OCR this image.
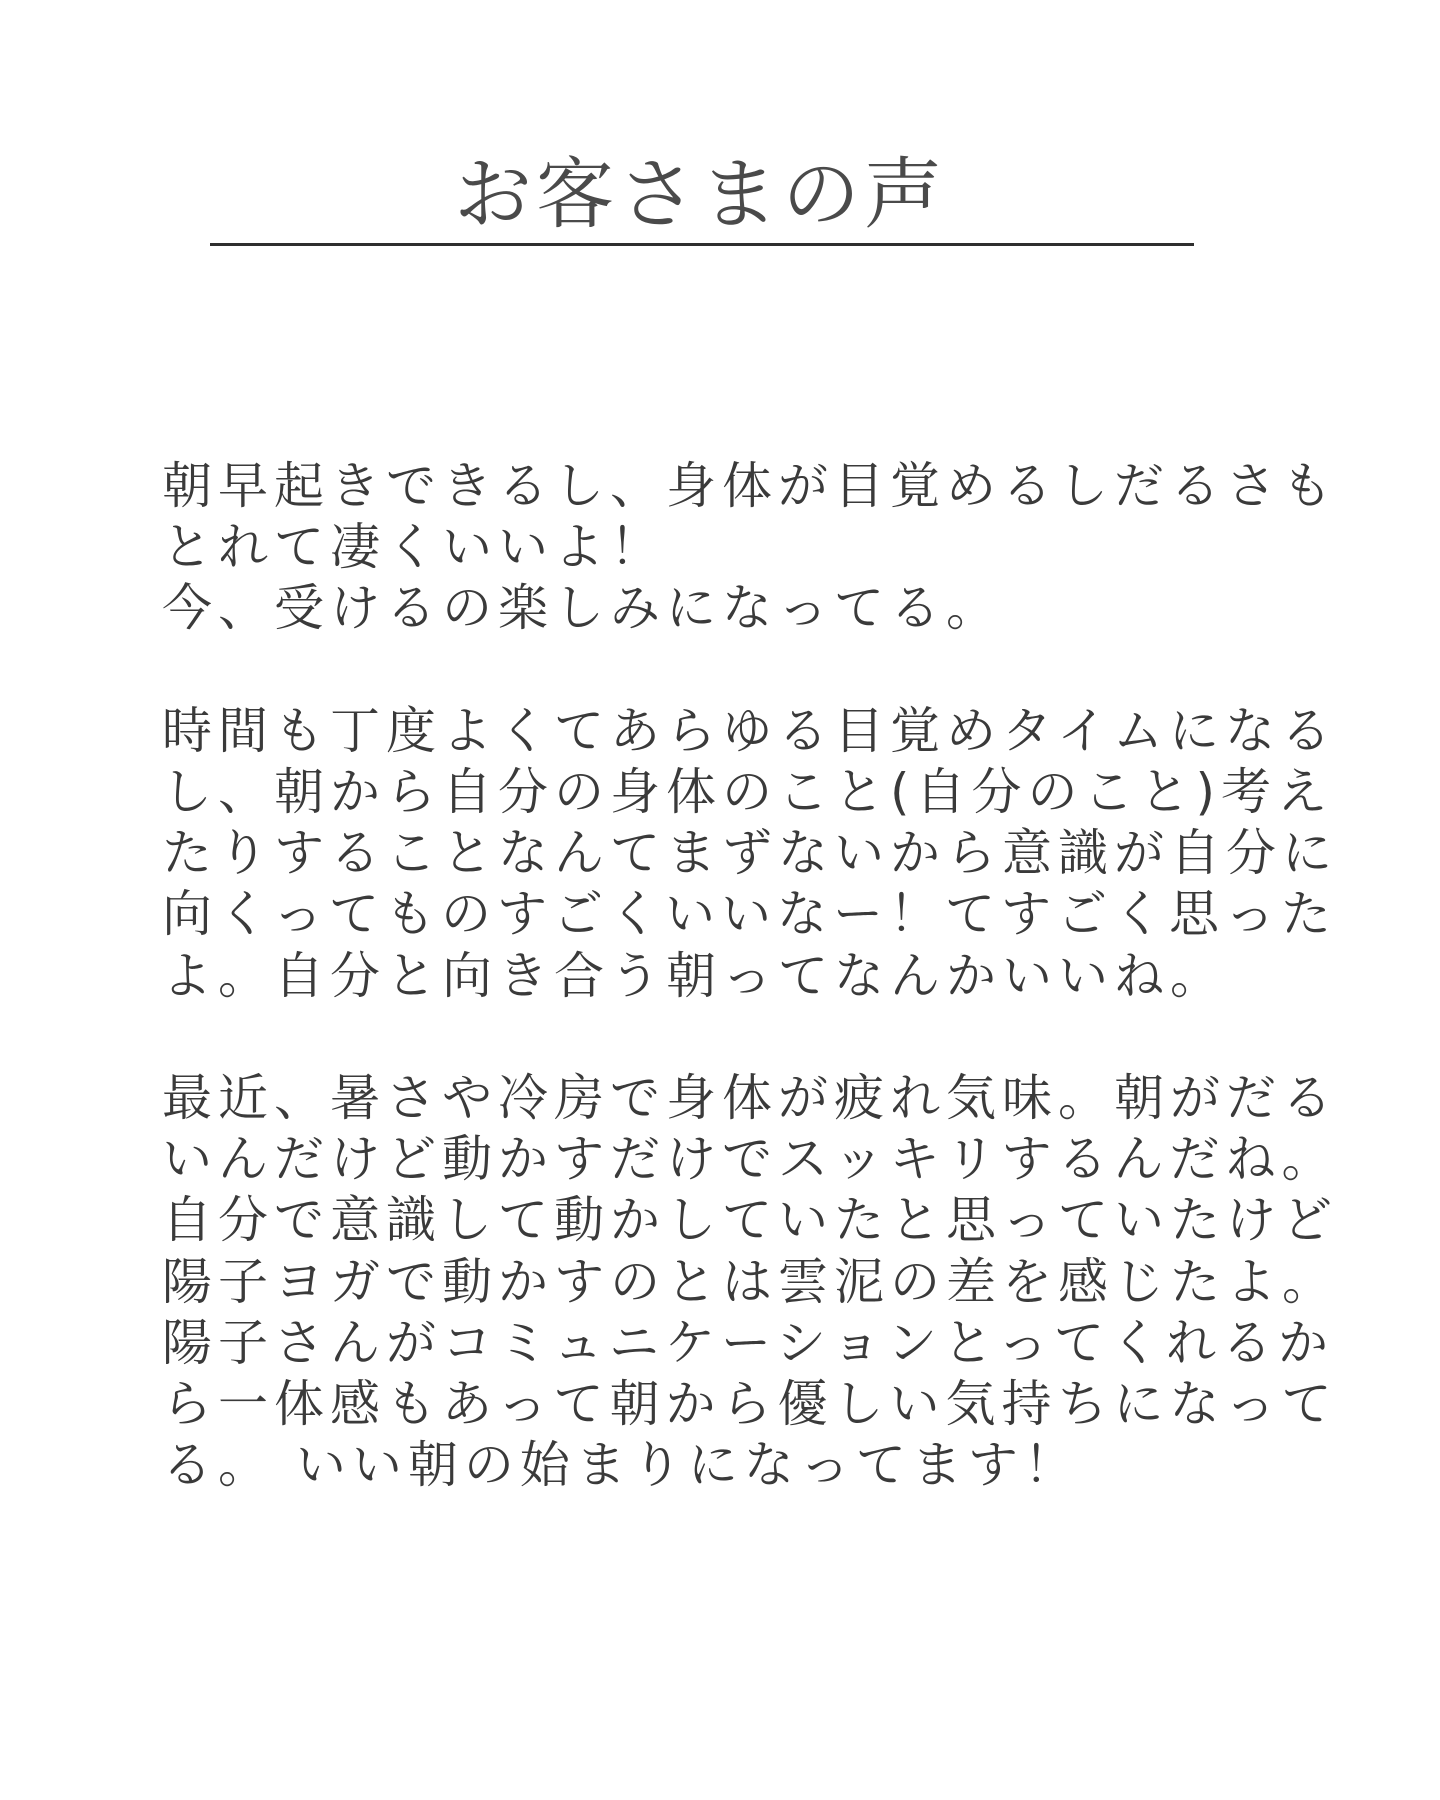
お客さまの声

朝早起きできるし、身体が目覚めるしだるさも
とれて凄くいいよ！
今、受けるの楽しみになってる。

時間も丁度よくてあらゆる目覚めタイムになる
し、朝から自分の身体のこと(自分のこと)考え
たりすることなんてまずないから意識が自分に
向くってものすごくいいなー！てすごく思った
よ。自分と向き合う朝ってなんかいいね。

最近、暑さや冷房で身体が疲れ気味。朝がだる
いんだけど動かすだけでスッキリするんだね。
自分で意識して動かしていたと思っていたけど
陽子ヨガで動かすのとは雲泥の差を感じたよ。
陽子さんがコミュニケーションとってくれるか
ら一体感もあって朝から優しい気持ちになって
る。 いい朝の始まりになってます！
